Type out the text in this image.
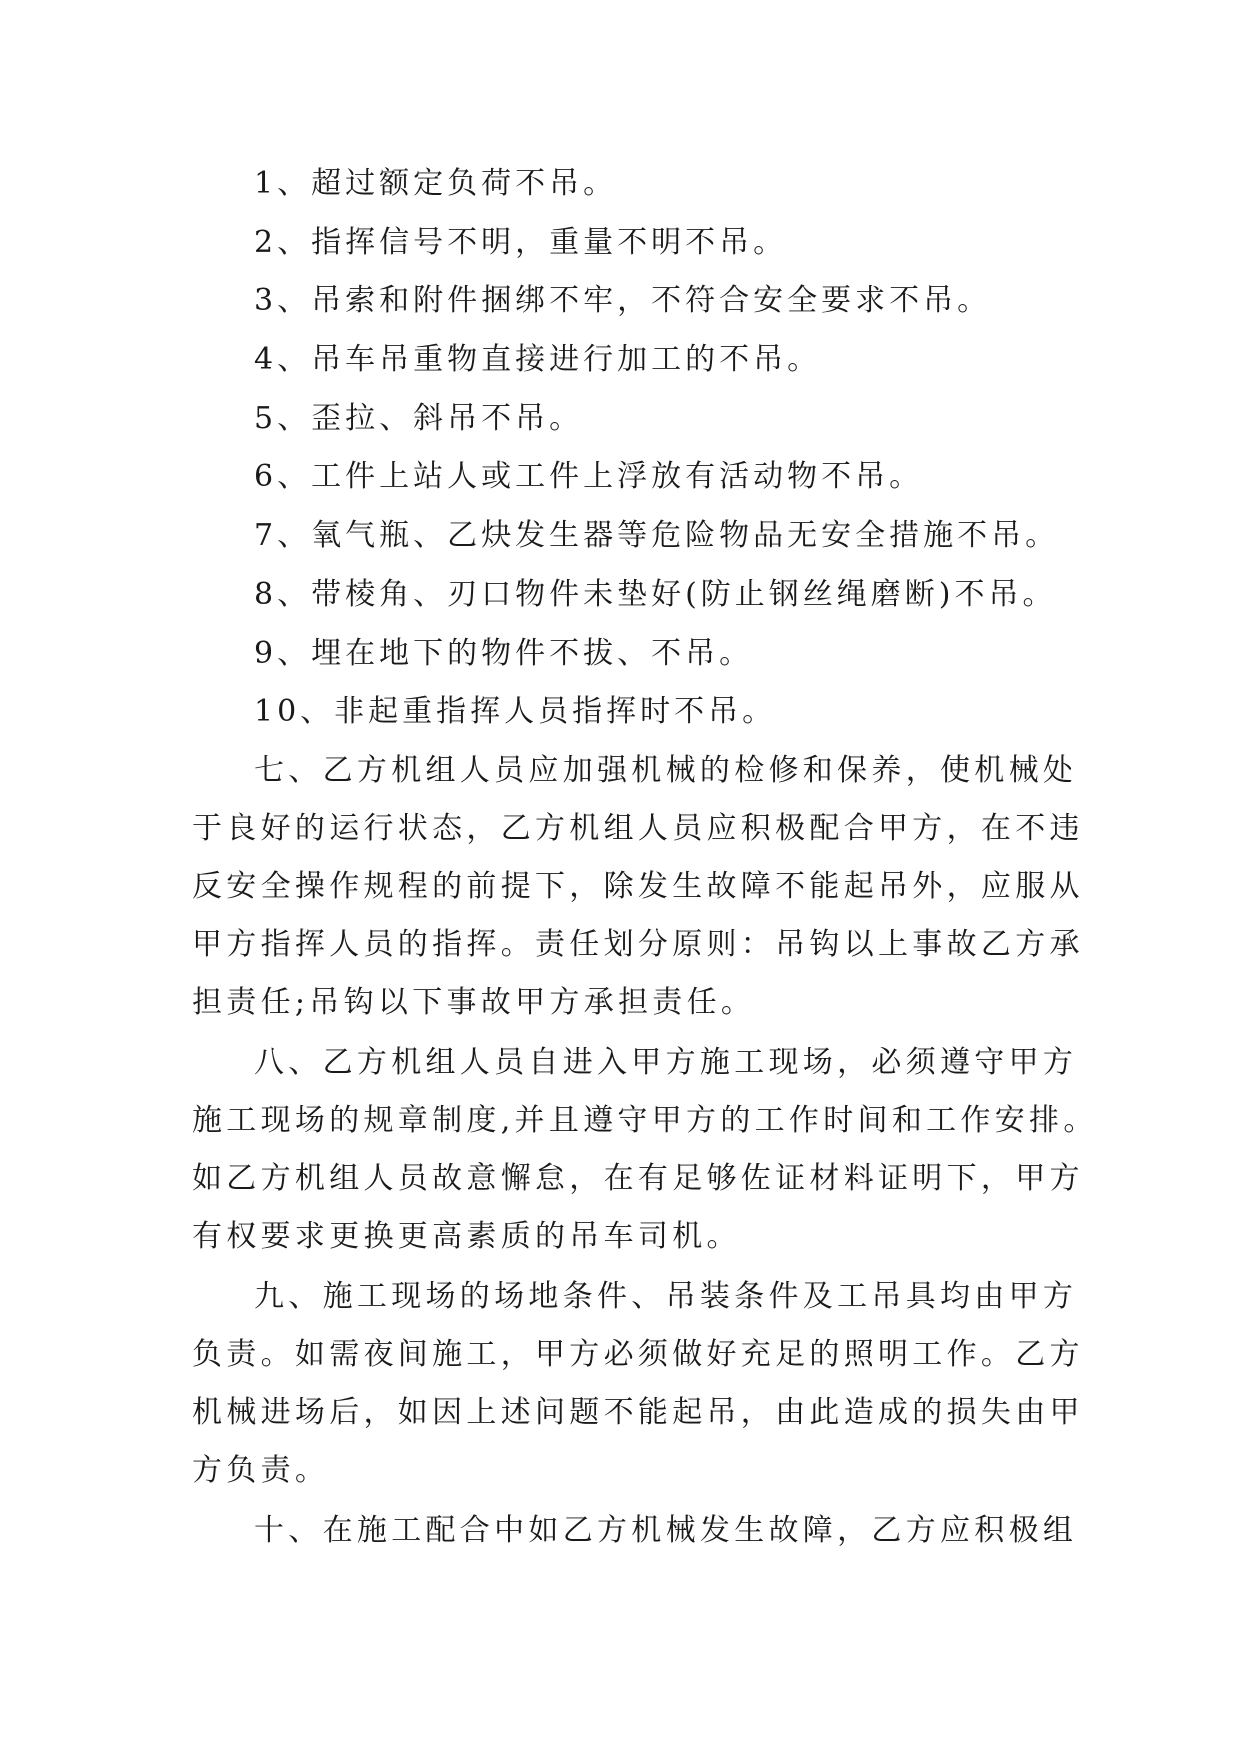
1、超过额定负荷不吊。
2、指挥信号不明，重量不明不吊。
3、吊索和附件捆绑不牢，不符合安全要求不吊。
4、吊车吊重物直接进行加工的不吊。
5、歪拉、斜吊不吊。
6、工件上站人或工件上浮放有活动物不吊。
7、氧气瓶、乙炔发生器等危险物品无安全措施不吊。
8、带棱角、刃口物件未垫好(防止钢丝绳磨断)不吊。
9、埋在地下的物件不拔、不吊。
10、非起重指挥人员指挥时不吊。
七、乙方机组人员应加强机械的检修和保养，使机械处
于良好的运行状态，乙方机组人员应积极配合甲方，在不违
反安全操作规程的前提下，除发生故障不能起吊外，应服从
甲方指挥人员的指挥。责任划分原则：吊钩以上事故乙方承
担责任;吊钩以下事故甲方承担责任。
八、乙方机组人员自进入甲方施工现场，必须遵守甲方
施工现场的规章制度,并且遵守甲方的工作时间和工作安排。
如乙方机组人员故意懈怠，在有足够佐证材料证明下，甲方
有权要求更换更高素质的吊车司机。
九、施工现场的场地条件、吊装条件及工吊具均由甲方
负责。如需夜间施工，甲方必须做好充足的照明工作。乙方
机械进场后，如因上述问题不能起吊，由此造成的损失由甲
方负责。
十、在施工配合中如乙方机械发生故障，乙方应积极组
